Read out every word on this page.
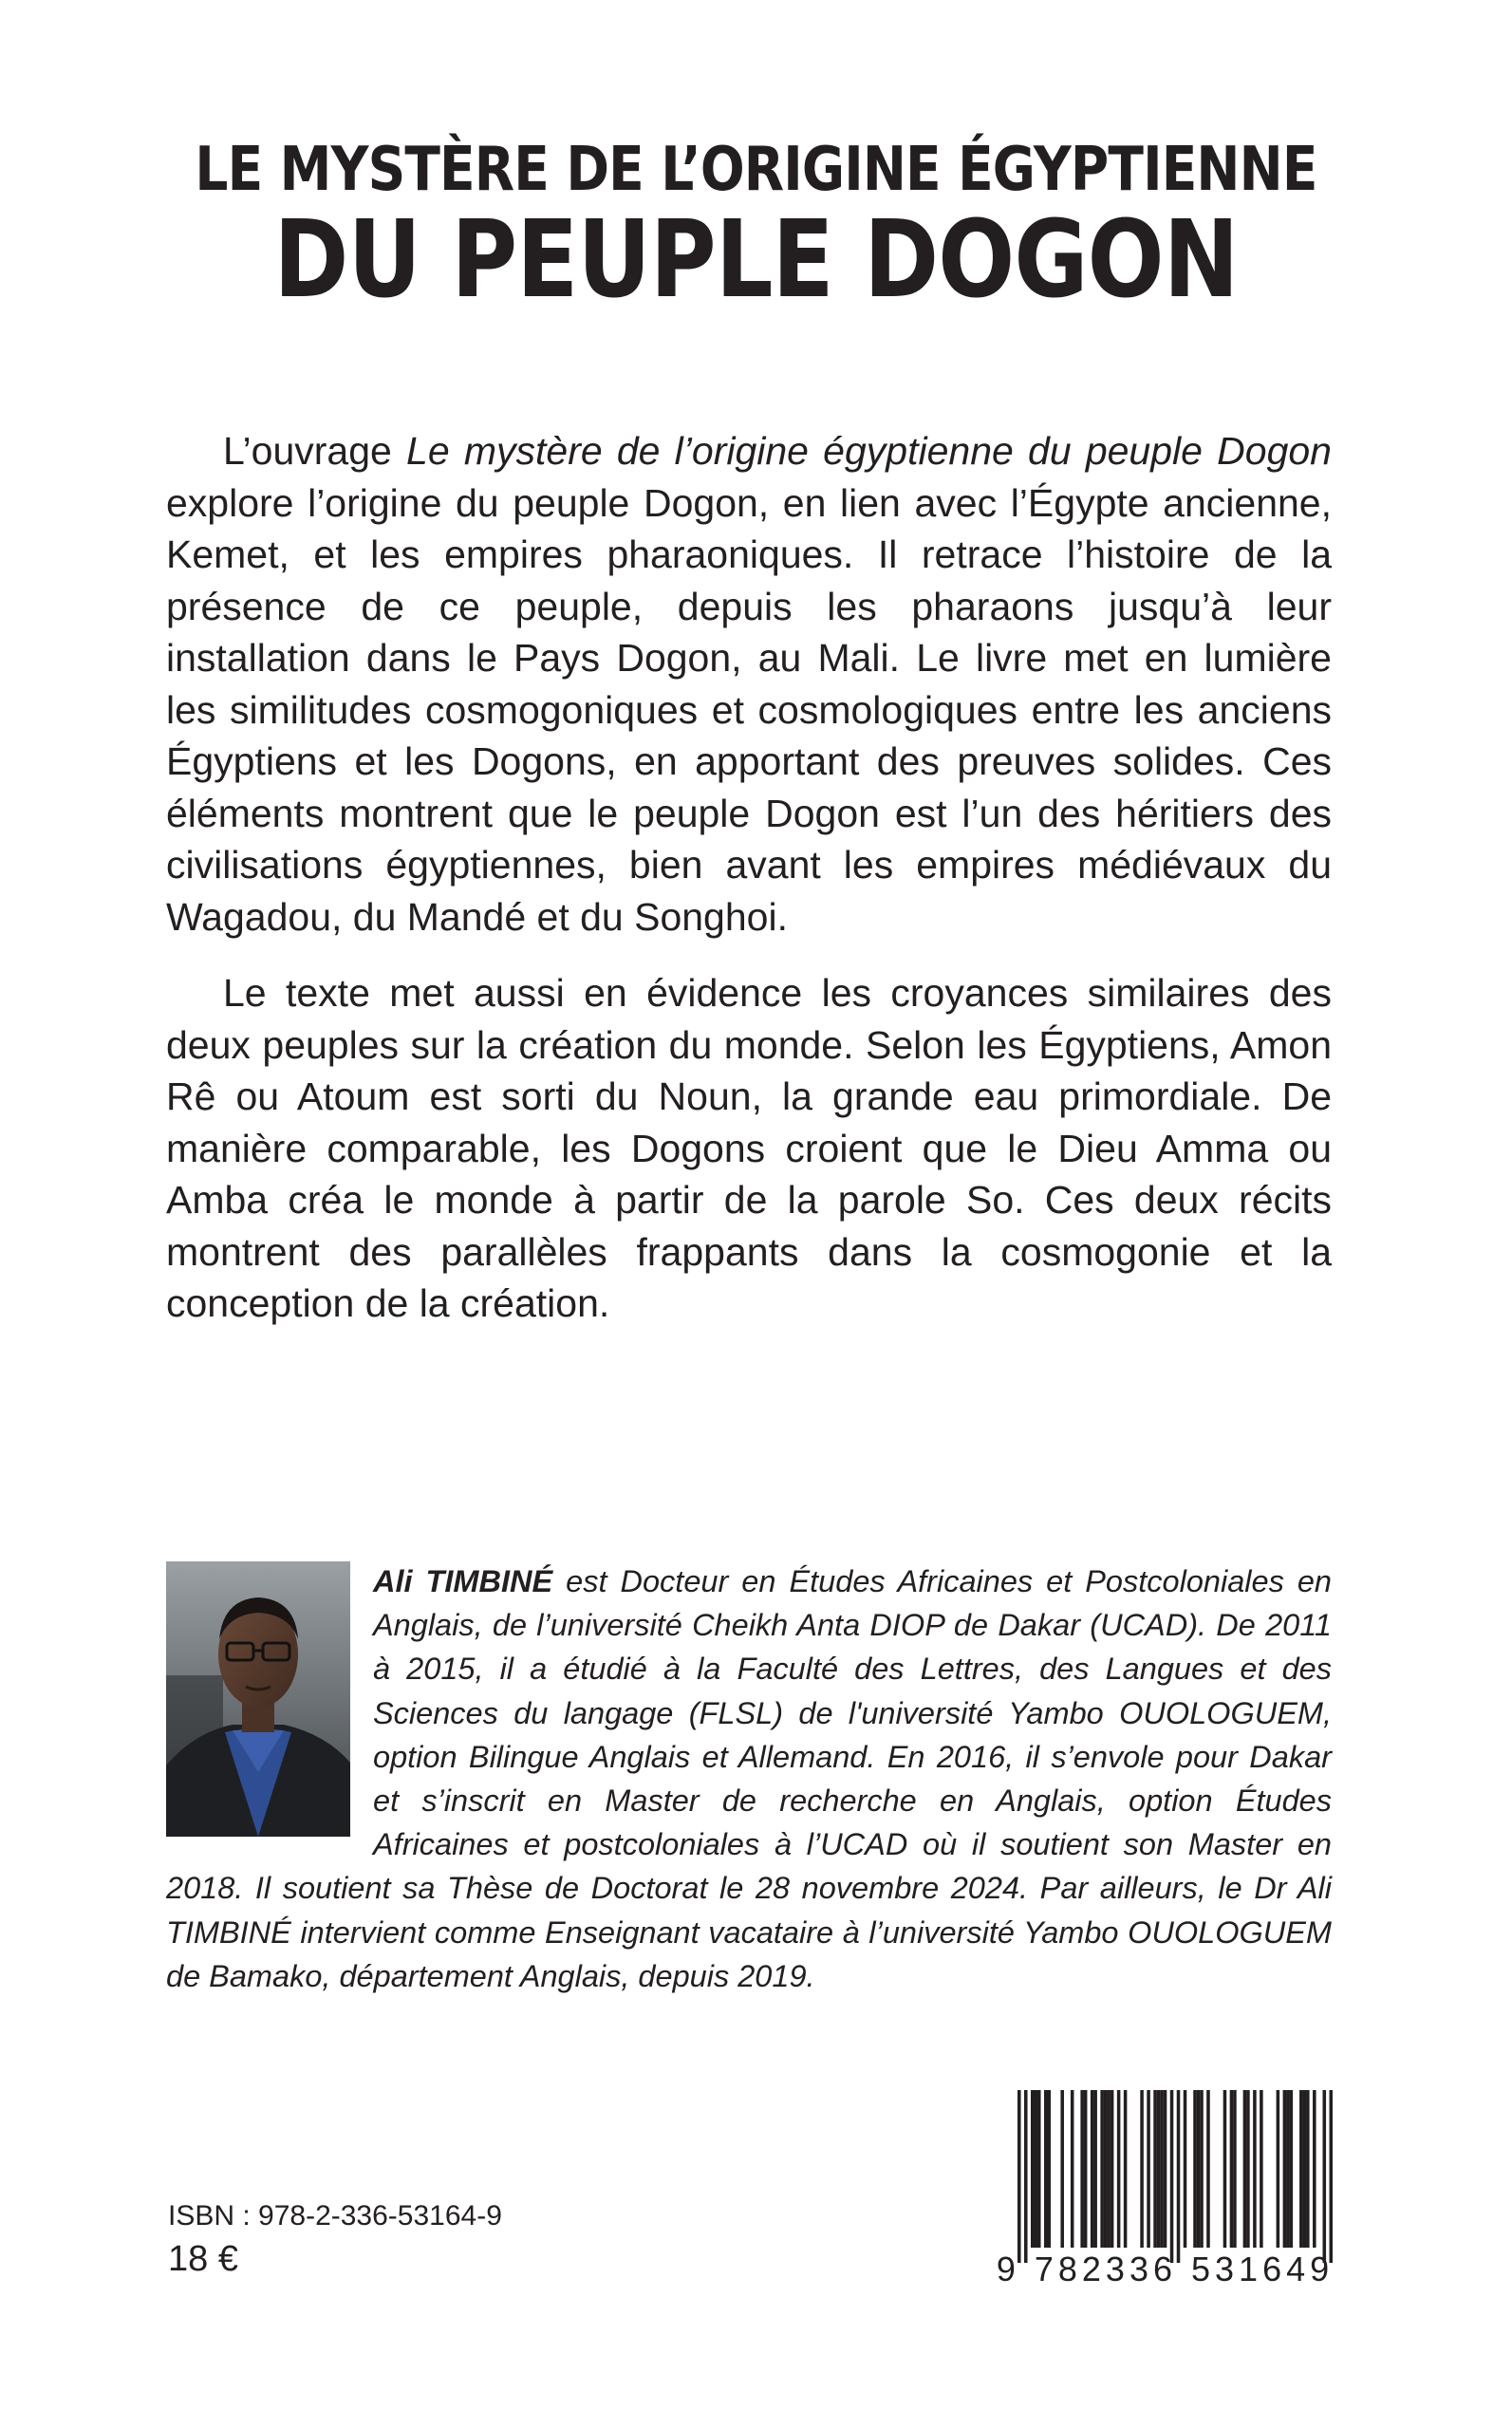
LE MYSTÈRE DE L’ORIGINE ÉGYPTIENNE
DU PEUPLE DOGON

L’ouvrage Le mystère de l’origine égyptienne du peuple Dogon explore l’origine du peuple Dogon, en lien avec l’Égypte ancienne, Kemet, et les empires pharaoniques. Il retrace l’histoire de la présence de ce peuple, depuis les pharaons jusqu’à leur installation dans le Pays Dogon, au Mali. Le livre met en lumière les similitudes cosmogoniques et cosmologiques entre les anciens Égyptiens et les Dogons, en apportant des preuves solides. Ces éléments montrent que le peuple Dogon est l’un des héritiers des civilisations égyptiennes, bien avant les empires médiévaux du Wagadou, du Mandé et du Songhoi.

Le texte met aussi en évidence les croyances similaires des deux peuples sur la création du monde. Selon les Égyptiens, Amon Rê ou Atoum est sorti du Noun, la grande eau primordiale. De manière comparable, les Dogons croient que le Dieu Amma ou Amba créa le monde à partir de la parole So. Ces deux récits montrent des parallèles frappants dans la cosmogonie et la conception de la création.

Ali TIMBINÉ est Docteur en Études Africaines et Postcoloniales en Anglais, de l’université Cheikh Anta DIOP de Dakar (UCAD). De 2011 à 2015, il a étudié à la Faculté des Lettres, des Langues et des Sciences du langage (FLSL) de l'université Yambo OUOLOGUEM, option Bilingue Anglais et Allemand. En 2016, il s’envole pour Dakar et s’inscrit en Master de recherche en Anglais, option Études Africaines et postcoloniales à l’UCAD où il soutient son Master en 2018. Il soutient sa Thèse de Doctorat le 28 novembre 2024. Par ailleurs, le Dr Ali TIMBINÉ intervient comme Enseignant vacataire à l’université Yambo OUOLOGUEM de Bamako, département Anglais, depuis 2019.
ISBN : 978-2-336-53164-9
18 €	9 782336 531649
